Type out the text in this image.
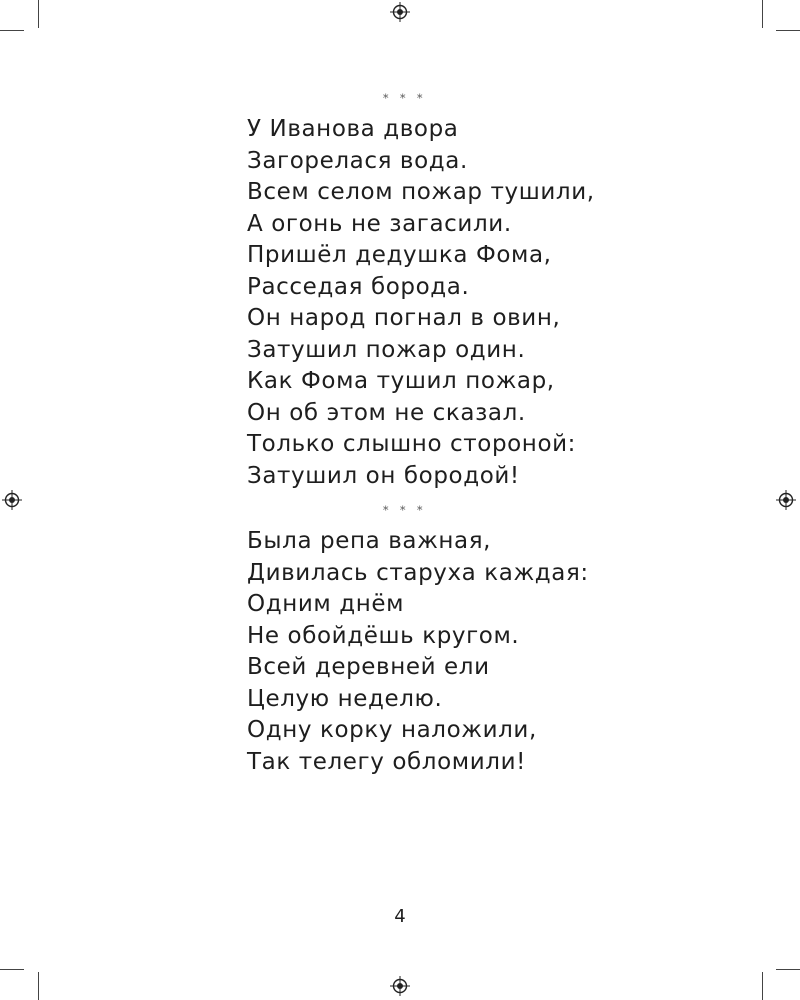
* * *
У Иванова двора
Загорелася вода.
Всем селом пожар тушили,
А огонь не загасили.
Пришёл дедушка Фома,
Расседая борода.
Он народ погнал в овин,
Затушил пожар один.
Как Фома тушил пожар,
Он об этом не сказал.
Только слышно стороной:
Затушил он бородой!
* * *
Была репа важная,
Дивилась старуха каждая:
Одним днём
Не обойдёшь кругом.
Всей деревней ели
Целую неделю.
Одну корку наложили,
Так телегу обломили!
4
